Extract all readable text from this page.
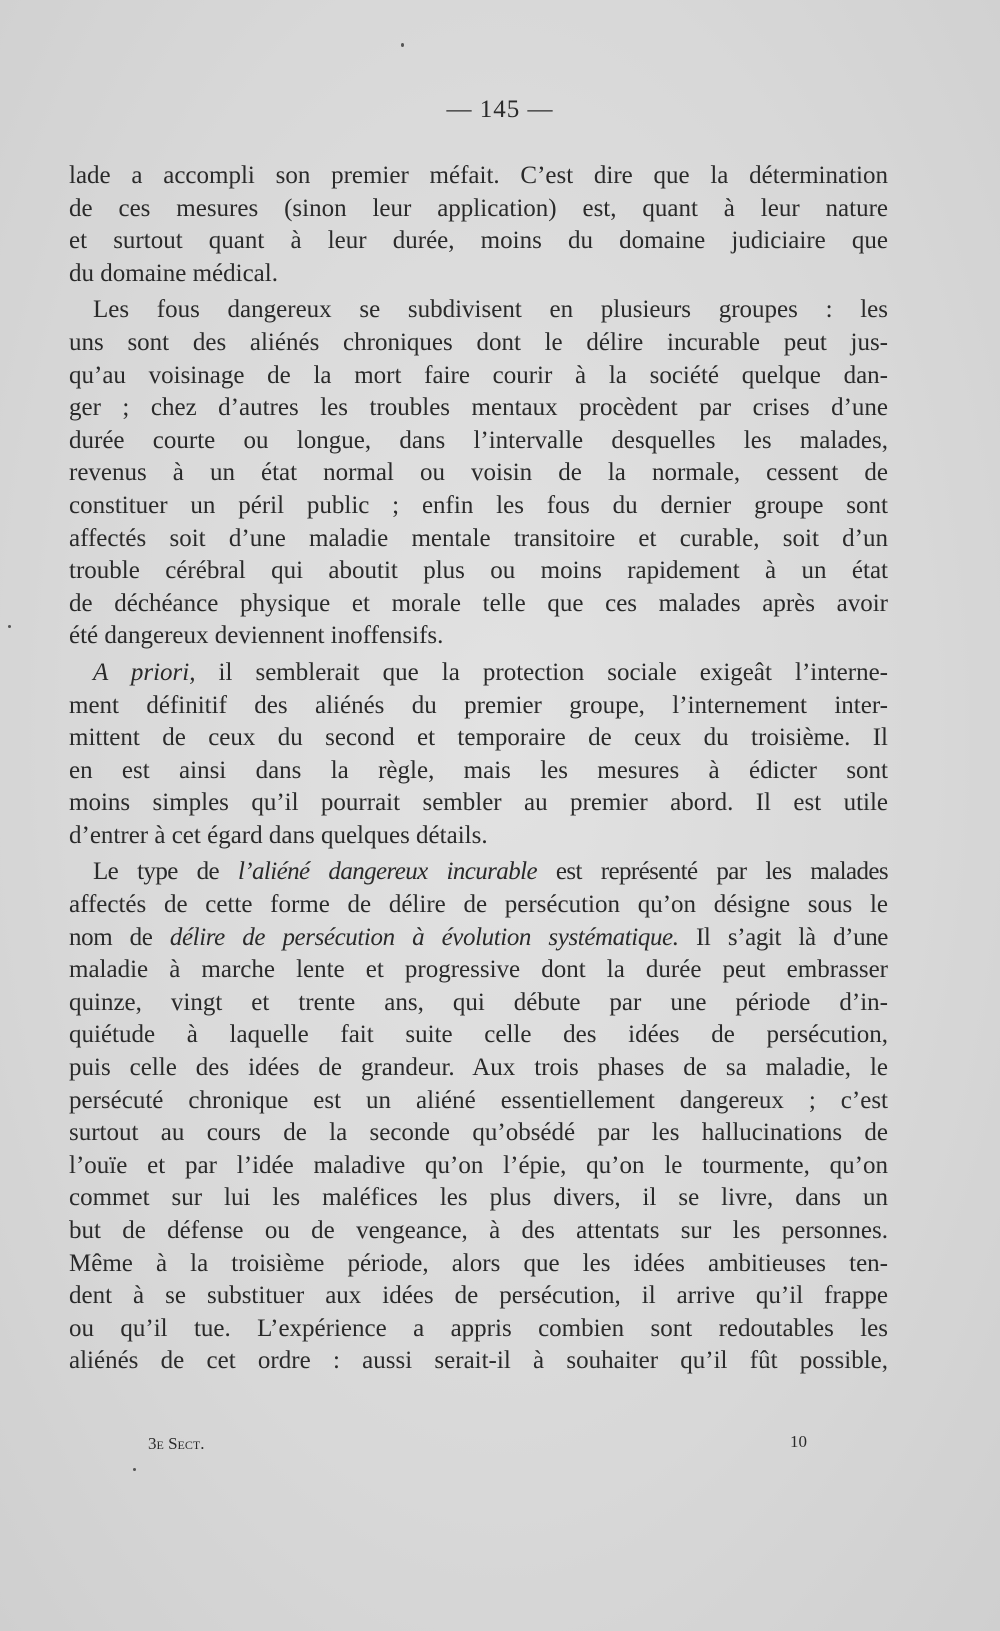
— 145 —
lade a accompli son premier méfait. C’est dire que la détermination
de ces mesures (sinon leur application) est, quant à leur nature
et surtout quant à leur durée, moins du domaine judiciaire que
du domaine médical.
Les fous dangereux se subdivisent en plusieurs groupes : les
uns sont des aliénés chroniques dont le délire incurable peut jus-
qu’au voisinage de la mort faire courir à la société quelque dan-
ger ; chez d’autres les troubles mentaux procèdent par crises d’une
durée courte ou longue, dans l’intervalle desquelles les malades,
revenus à un état normal ou voisin de la normale, cessent de
constituer un péril public ; enfin les fous du dernier groupe sont
affectés soit d’une maladie mentale transitoire et curable, soit d’un
trouble cérébral qui aboutit plus ou moins rapidement à un état
de déchéance physique et morale telle que ces malades après avoir
été dangereux deviennent inoffensifs.
A priori, il semblerait que la protection sociale exigeât l’interne-
ment définitif des aliénés du premier groupe, l’internement inter-
mittent de ceux du second et temporaire de ceux du troisième. Il
en est ainsi dans la règle, mais les mesures à édicter sont
moins simples qu’il pourrait sembler au premier abord. Il est utile
d’entrer à cet égard dans quelques détails.
Le type de l’aliéné dangereux incurable est représenté par les malades
affectés de cette forme de délire de persécution qu’on désigne sous le
nom de délire de persécution à évolution systématique. Il s’agit là d’une
maladie à marche lente et progressive dont la durée peut embrasser
quinze, vingt et trente ans, qui débute par une période d’in-
quiétude à laquelle fait suite celle des idées de persécution,
puis celle des idées de grandeur. Aux trois phases de sa maladie, le
persécuté chronique est un aliéné essentiellement dangereux ; c’est
surtout au cours de la seconde qu’obsédé par les hallucinations de
l’ouïe et par l’idée maladive qu’on l’épie, qu’on le tourmente, qu’on
commet sur lui les maléfices les plus divers, il se livre, dans un
but de défense ou de vengeance, à des attentats sur les personnes.
Même à la troisième période, alors que les idées ambitieuses ten-
dent à se substituer aux idées de persécution, il arrive qu’il frappe
ou qu’il tue. L’expérience a appris combien sont redoutables les
aliénés de cet ordre : aussi serait-il à souhaiter qu’il fût possible,
3e Sect.	10
